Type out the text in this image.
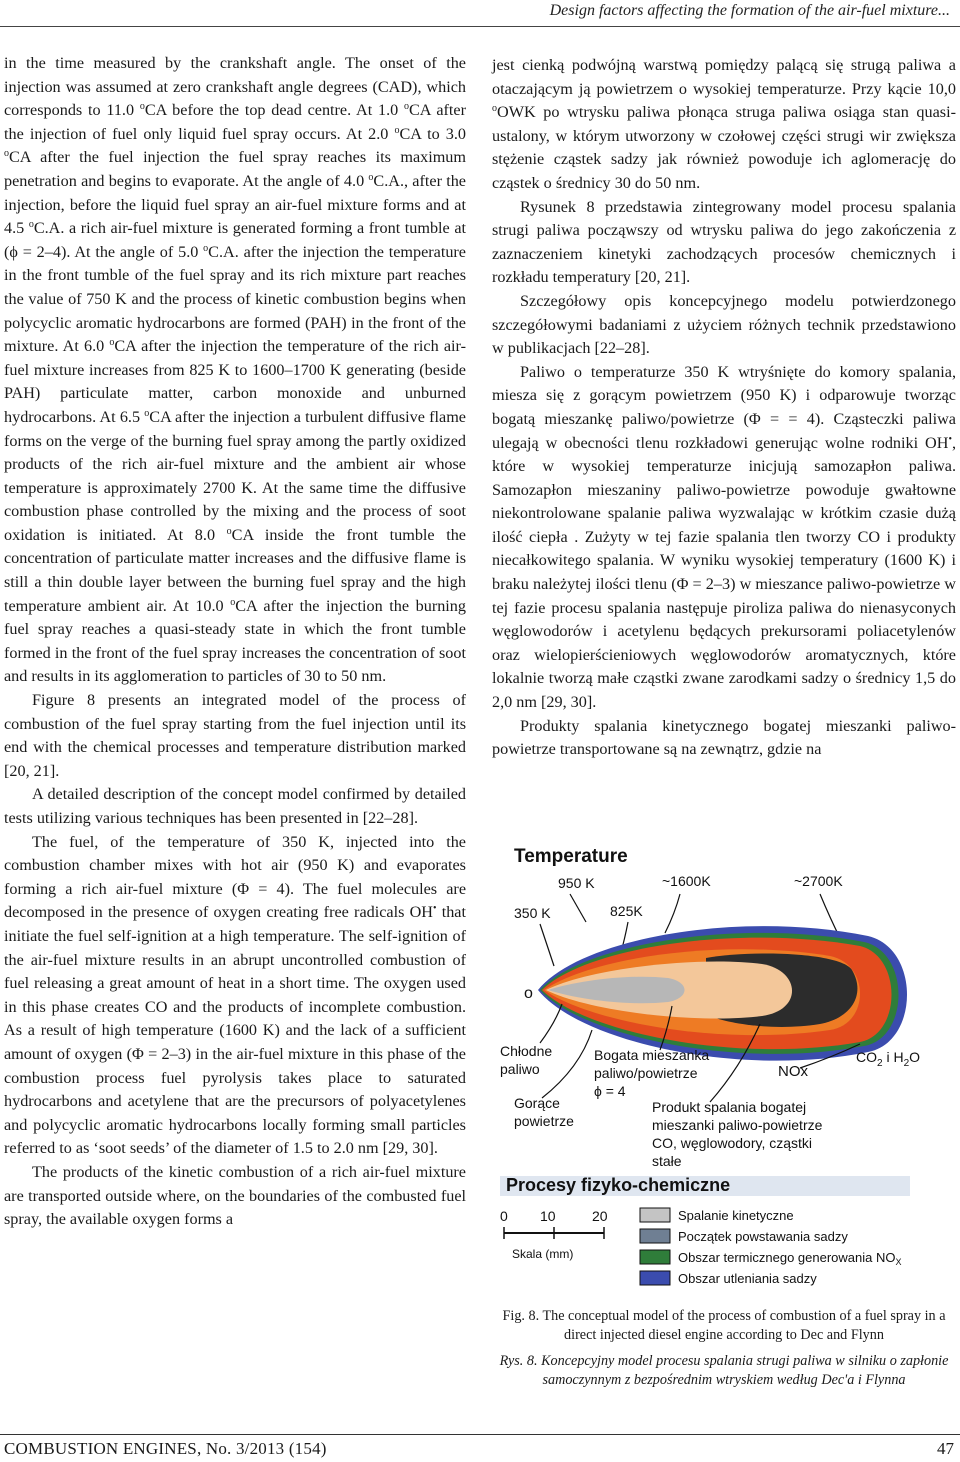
Design factors affecting the formation of the air-fuel mixture...

in the time measured by the crankshaft angle. The onset of the injection was assumed at zero crankshaft angle degrees (CAD), which corresponds to 11.0 $^o$CA before the top dead centre. At 1.0 $^o$CA after the injection of fuel only liquid fuel spray occurs. At 2.0 $^o$CA to 3.0 $^o$CA after the fuel injection the fuel spray reaches its maximum penetration and begins to evaporate. At the angle of 4.0 $^o$C.A., after the injection, before the liquid fuel spray an air-fuel mixture forms and at 4.5 $^o$C.A. a rich air-fuel mixture is generated forming a front tumble at (ϕ = 2–4). At the angle of 5.0 $^o$C.A. after the injection the temperature in the front tumble of the fuel spray and its rich mixture part reaches the value of 750 K and the process of kinetic combustion begins when polycyclic aromatic hydrocarbons are formed (PAH) in the front of the mixture. At 6.0 $^o$CA after the injection the temperature of the rich air-fuel mixture increases from 825 K to 1600–1700 K generating (beside PAH) particulate matter, carbon monoxide and unburned hydrocarbons. At 6.5 $^o$CA after the injection a turbulent diffusive flame forms on the verge of the burning fuel spray among the partly oxidized products of the rich air-fuel mixture and the ambient air whose temperature is approximately 2700 K. At the same time the diffusive combustion phase controlled by the mixing and the process of soot oxidation is initiated. At 8.0 $^o$CA inside the front tumble the concentration of particulate matter increases and the diffusive flame is still a thin double layer between the burning fuel spray and the high temperature ambient air. At 10.0 $^o$CA after the injection the burning fuel spray reaches a quasi-steady state in which the front tumble formed in the front of the fuel spray increases the concentration of soot and results in its agglomeration to particles of 30 to 50 nm.

Figure 8 presents an integrated model of the process of combustion of the fuel spray starting from the fuel injection until its end with the chemical processes and temperature distribution marked [20, 21].

A detailed description of the concept model confirmed by detailed tests utilizing various techniques has been presented in [22–28].

The fuel, of the temperature of 350 K, injected into the combustion chamber mixes with hot air (950 K) and evaporates forming a rich air-fuel mixture (Φ = 4). The fuel molecules are decomposed in the presence of oxygen creating free radicals OH• that initiate the fuel self-ignition at a high temperature. The self-ignition of the air-fuel mixture results in an abrupt uncontrolled combustion of fuel releasing a great amount of heat in a short time. The oxygen used in this phase creates CO and the products of incomplete combustion. As a result of high temperature (1600 K) and the lack of a sufficient amount of oxygen (Φ = 2–3) in the air-fuel mixture in this phase of the combustion process fuel pyrolysis takes place to saturated hydrocarbons and acetylene that are the precursors of polyacetylenes and polycyclic aromatic hydrocarbons locally forming small particles referred to as ‘soot seeds’ of the diameter of 1.5 to 2.0 nm [29, 30].

The products of the kinetic combustion of a rich air-fuel mixture are transported outside where, on the boundaries of the combusted fuel spray, the available oxygen forms a

jest cienką podwójną warstwą pomiędzy palącą się strugą paliwa a otaczającym ją powietrzem o wysokiej temperaturze. Przy kącie 10,0 $^o$OWK po wtrysku paliwa płonąca struga paliwa osiąga stan quasi-ustalony, w którym utworzony w czołowej części strugi wir zwiększa stężenie cząstek sadzy jak również powoduje ich aglomerację do cząstek o średnicy 30 do 50 nm.

Rysunek 8 przedstawia zintegrowany model procesu spalania strugi paliwa począwszy od wtrysku paliwa do jego zakończenia z zaznaczeniem kinetyki zachodzących procesów chemicznych i rozkładu temperatury [20, 21].

Szczegółowy opis koncepcyjnego modelu potwierdzonego szczegółowymi badaniami z użyciem różnych technik przedstawiono w publikacjach [22–28].

Paliwo o temperaturze 350 K wtryśnięte do komory spalania, miesza się z gorącym powietrzem (950 K) i odparowuje tworząc bogatą mieszankę paliwo/powietrze (Φ = = 4). Cząsteczki paliwa ulegają w obecności tlenu rozkładowi generując wolne rodniki OH•, które w wysokiej temperaturze inicjują samozapłon paliwa. Samozapłon mieszaniny paliwo-powietrze powoduje gwałtowne niekontrolowane spalanie paliwa wyzwalając w krótkim czasie dużą ilość ciepła . Zużyty w tej fazie spalania tlen tworzy CO i produkty niecałkowitego spalania. W wyniku wysokiej temperatury (1600 K) i braku należytej ilości tlenu (Φ = 2–3) w mieszance paliwo-powietrze w tej fazie procesu spalania następuje piroliza paliwa do nienasyconych węglowodorów i acetylenu będących prekursorami poliacetylenów oraz wielopierścieniowych węglowodorów aromatycznych, które lokalnie tworzą małe cząstki zwane zarodkami sadzy o średnicy 1,5 do 2,0 nm [29, 30].

Produkty spalania kinetycznego bogatej mieszanki paliwo-powietrze transportowane są na zewnątrz, gdzie na

Temperature
950 K	~1600K	~2700K
350 K	825K
o
Chłodne paliwo
Gorące powietrze
Bogata mieszanka paliwo/powietrze ϕ = 4
Produkt spalania bogatej mieszanki paliwo-powietrze CO, węglowodory, cząstki stałe
NOx
$CO_2$ i $H_2O$
Procesy fizyko-chemiczne
0 10	20
Skala (mm)
Spalanie kinetyczne
Początek powstawania sadzy
Obszar termicznego generowania $NO_X$
Obszar utleniania sadzy
Fig. 8. The conceptual model of the process of combustion of a fuel spray in a direct injected diesel engine according to Dec and Flynn
Rys. 8. Koncepcyjny model procesu spalania strugi paliwa w silniku o zapłonie samoczynnym z bezpośrednim wtryskiem według Dec'a i Flynna
COMBUSTION ENGINES, No. 3/2013 (154)	47
